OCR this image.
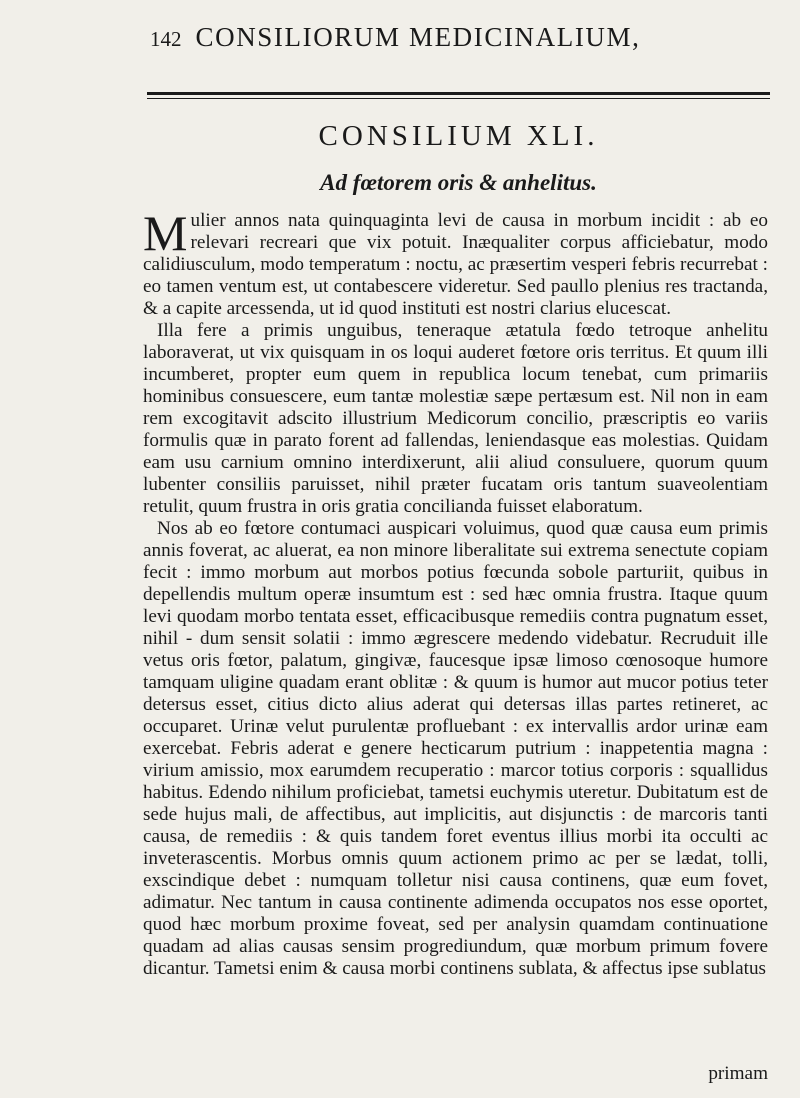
142 CONSILIORUM MEDICINALIUM,
CONSILIUM XLI.
Ad fœtorem oris & anhelitus.

Mulier annos nata quinquaginta levi de causa in morbum incidit : ab eo relevari recreari que vix potuit. Inæqualiter corpus afficiebatur, modo calidiusculum, modo temperatum : noctu, ac præsertim vesperi febris recurrebat : eo tamen ventum est, ut contabescere videretur. Sed paullo plenius res tractanda, & a capite arcessenda, ut id quod instituti est nostri clarius elucescat.

Illa fere a primis unguibus, teneraque ætatula fœdo tetroque anhelitu laboraverat, ut vix quisquam in os loqui auderet fœtore oris territus. Et quum illi incumberet, propter eum quem in republica locum tenebat, cum primariis hominibus consuescere, eum tantæ molestiæ sæpe pertæsum est. Nil non in eam rem excogitavit adscito illustrium Medicorum concilio, præscriptis eo variis formulis quæ in parato forent ad fallendas, leniendasque eas molestias. Quidam eam usu carnium omnino interdixerunt, alii aliud consuluere, quorum quum lubenter consiliis paruisset, nihil præter fucatam oris tantum suaveolentiam retulit, quum frustra in oris gratia concilianda fuisset elaboratum.

Nos ab eo fœtore contumaci auspicari voluimus, quod quæ causa eum primis annis foverat, ac aluerat, ea non minore liberalitate sui extrema senectute copiam fecit : immo morbum aut morbos potius fœcunda sobole parturiit, quibus in depellendis multum operæ insumtum est : sed hæc omnia frustra. Itaque quum levi quodam morbo tentata esset, efficacibusque remediis contra pugnatum esset, nihil - dum sensit solatii : immo ægrescere medendo videbatur. Recruduit ille vetus oris fœtor, palatum, gingivæ, faucesque ipsæ limoso cœnosoque humore tamquam uligine quadam erant oblitæ : & quum is humor aut mucor potius teter detersus esset, citius dicto alius aderat qui detersas illas partes retineret, ac occuparet. Urinæ velut purulentæ profluebant : ex intervallis ardor urinæ eam exercebat. Febris aderat e genere hecticarum putrium : inappetentia magna : virium amissio, mox earumdem recuperatio : marcor totius corporis : squallidus habitus. Edendo nihilum proficiebat, tametsi euchymis uteretur. Dubitatum est de sede hujus mali, de affectibus, aut implicitis, aut disjunctis : de marcoris tanti causa, de remediis : & quis tandem foret eventus illius morbi ita occulti ac inveterascentis. Morbus omnis quum actionem primo ac per se lædat, tolli, exscindique debet : numquam tolletur nisi causa continens, quæ eum fovet, adimatur. Nec tantum in causa continente adimenda occupatos nos esse oportet, quod hæc morbum proxime foveat, sed per analysin quamdam continuatione quadam ad alias causas sensim progrediundum, quæ morbum primum fovere dicantur. Tametsi enim & causa morbi continens sublata, & affectus ipse sublatus

primam
